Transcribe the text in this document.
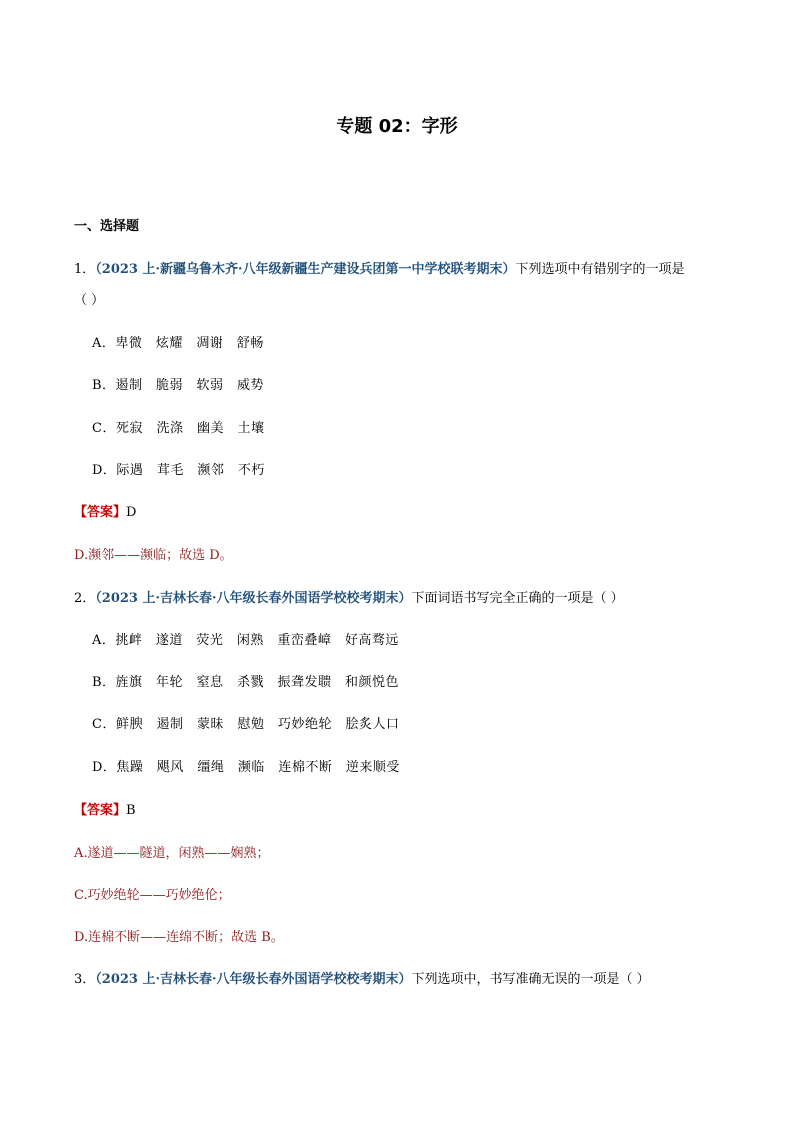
专题 02：字形
一、选择题
1．（2023 上·新疆乌鲁木齐·八年级新疆生产建设兵团第一中学校联考期末）下列选项中有错别字的一项是
（ ）
A．卑微　炫耀　凋谢　舒畅
B．遏制　脆弱　软弱　威势
C．死寂　洗涤　幽美　土壤
D．际遇　茸毛　濒邻　不朽
【答案】D
D.濒邻——濒临；故选 D。
2．（2023 上·吉林长春·八年级长春外国语学校校考期末）下面词语书写完全正确的一项是（ ）
A．挑衅　遂道　荧光　闲熟　重峦叠嶂　好高骛远
B．旌旗　年轮　窒息　杀戮　振聋发聩　和颜悦色
C．鲜腴　遏制　蒙昧　慰勉　巧妙绝轮　脍炙人口
D．焦躁　飓风　缰绳　濒临　连棉不断　逆来顺受
【答案】B
A.遂道——隧道，闲熟——娴熟；
C.巧妙绝轮——巧妙绝伦；
D.连棉不断——连绵不断；故选 B。
3．（2023 上·吉林长春·八年级长春外国语学校校考期末）下列选项中，书写准确无误的一项是（ ）
